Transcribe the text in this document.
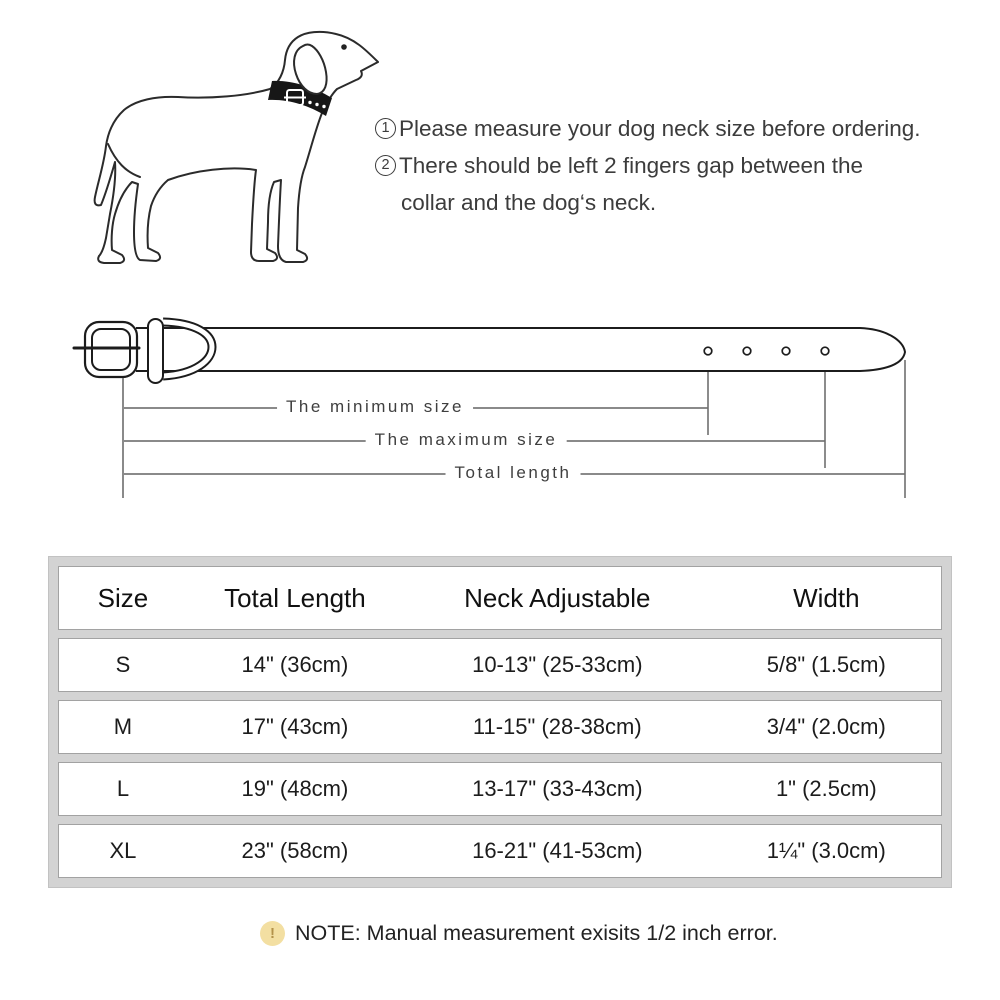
1 Please measure your dog neck size before ordering.
2 There should be left 2 fingers gap between the
collar and the dog‘s neck.
The minimum size
The maximum size
Total length
Size	Total Length	Neck Adjustable	Width
S	14" (36cm)	10-13" (25-33cm)	5/8" (1.5cm)
M	17" (43cm)	11-15" (28-38cm)	3/4" (2.0cm)
L	19" (48cm)	13-17" (33-43cm)	1" (2.5cm)
XL	23" (58cm)	16-21" (41-53cm)	1¼" (3.0cm)
! NOTE: Manual measurement exisits 1/2 inch error.
